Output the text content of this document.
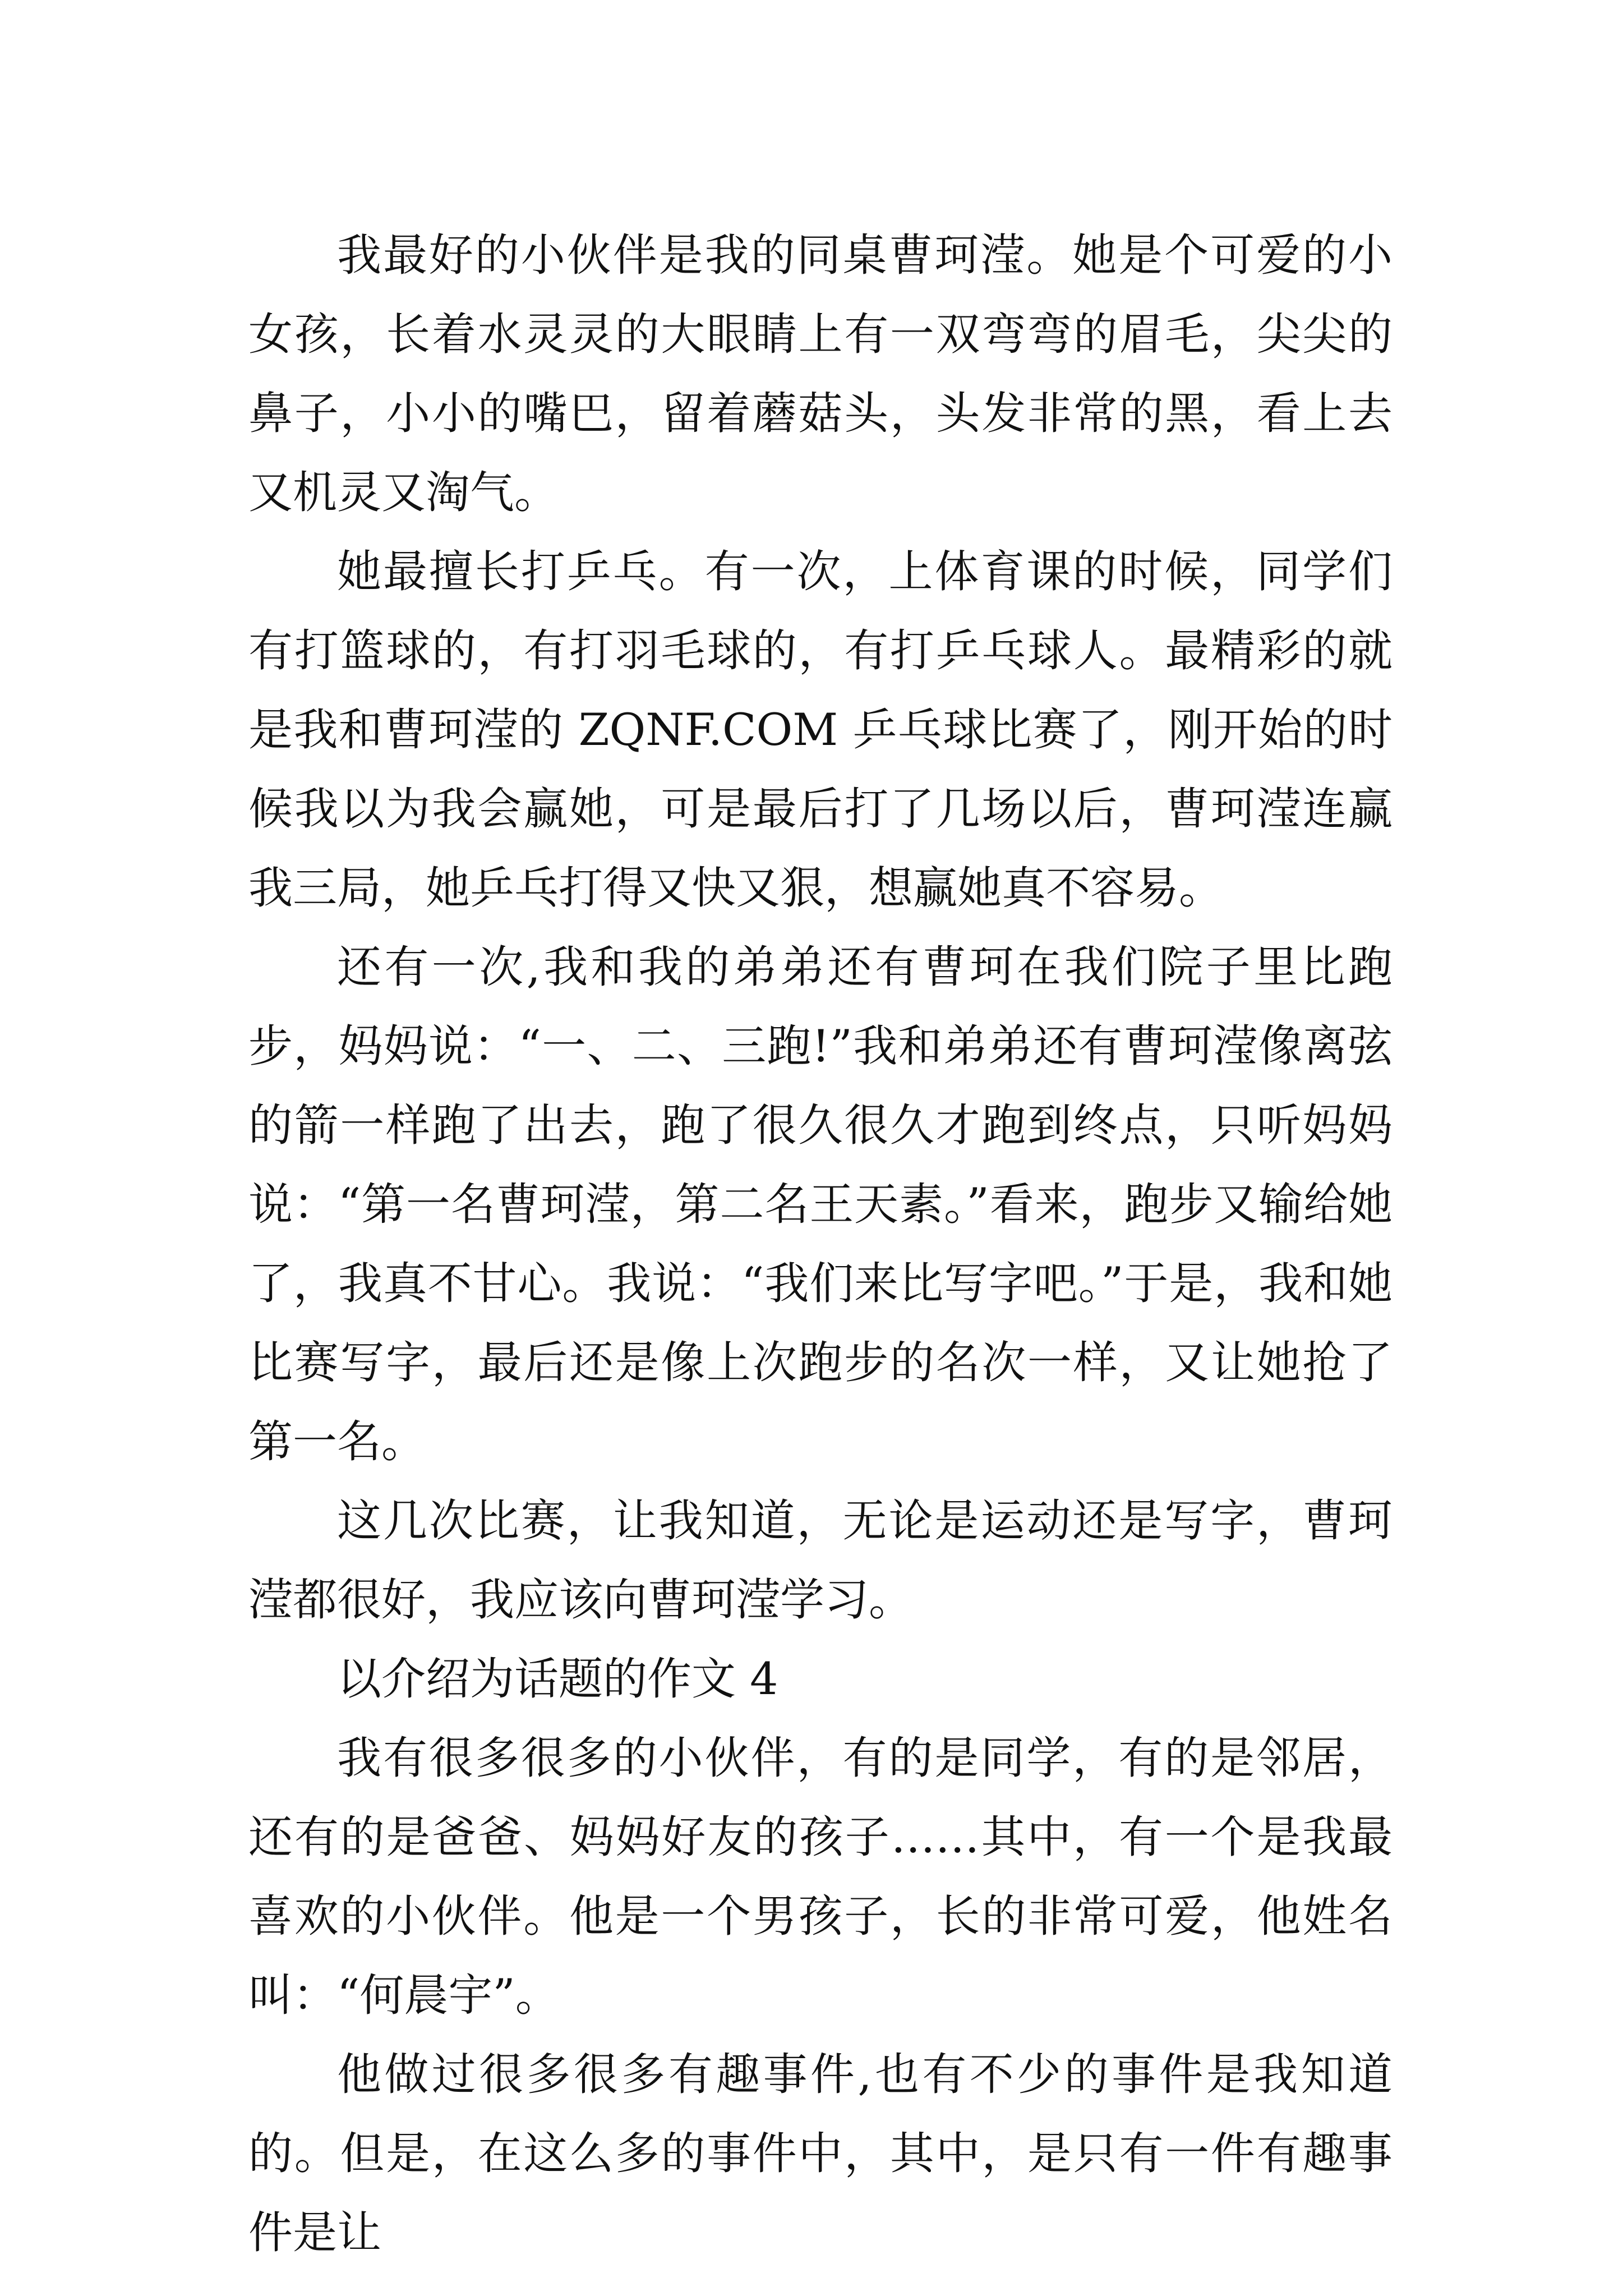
我最好的小伙伴是我的同桌曹珂滢。她是个可爱的小女孩，长着水灵灵的大眼睛上有一双弯弯的眉毛，尖尖的鼻子，小小的嘴巴，留着蘑菇头，头发非常的黑，看上去又机灵又淘气。

她最擅长打乒乓。有一次，上体育课的时候，同学们有打篮球的，有打羽毛球的，有打乒乓球人。最精彩的就是我和曹珂滢的 ZQNF.COM 乒乓球比赛了，刚开始的时候我以为我会赢她，可是最后打了几场以后，曹珂滢连赢我三局，她乒乓打得又快又狠，想赢她真不容易。

还有一次,我和我的弟弟还有曹珂在我们院子里比跑步，妈妈说：“一、二、三跑!”我和弟弟还有曹珂滢像离弦的箭一样跑了出去，跑了很久很久才跑到终点，只听妈妈说：“第一名曹珂滢，第二名王天素。”看来，跑步又输给她了，我真不甘心。我说：“我们来比写字吧。”于是，我和她比赛写字，最后还是像上次跑步的名次一样，又让她抢了第一名。

这几次比赛，让我知道，无论是运动还是写字，曹珂滢都很好，我应该向曹珂滢学习。

以介绍为话题的作文 4

我有很多很多的小伙伴，有的是同学，有的是邻居，还有的是爸爸、妈妈好友的孩子……其中，有一个是我最喜欢的小伙伴。他是一个男孩子，长的非常可爱，他姓名叫：“何晨宇”。

他做过很多很多有趣事件,也有不少的事件是我知道的。但是，在这么多的事件中，其中，是只有一件有趣事件是让
